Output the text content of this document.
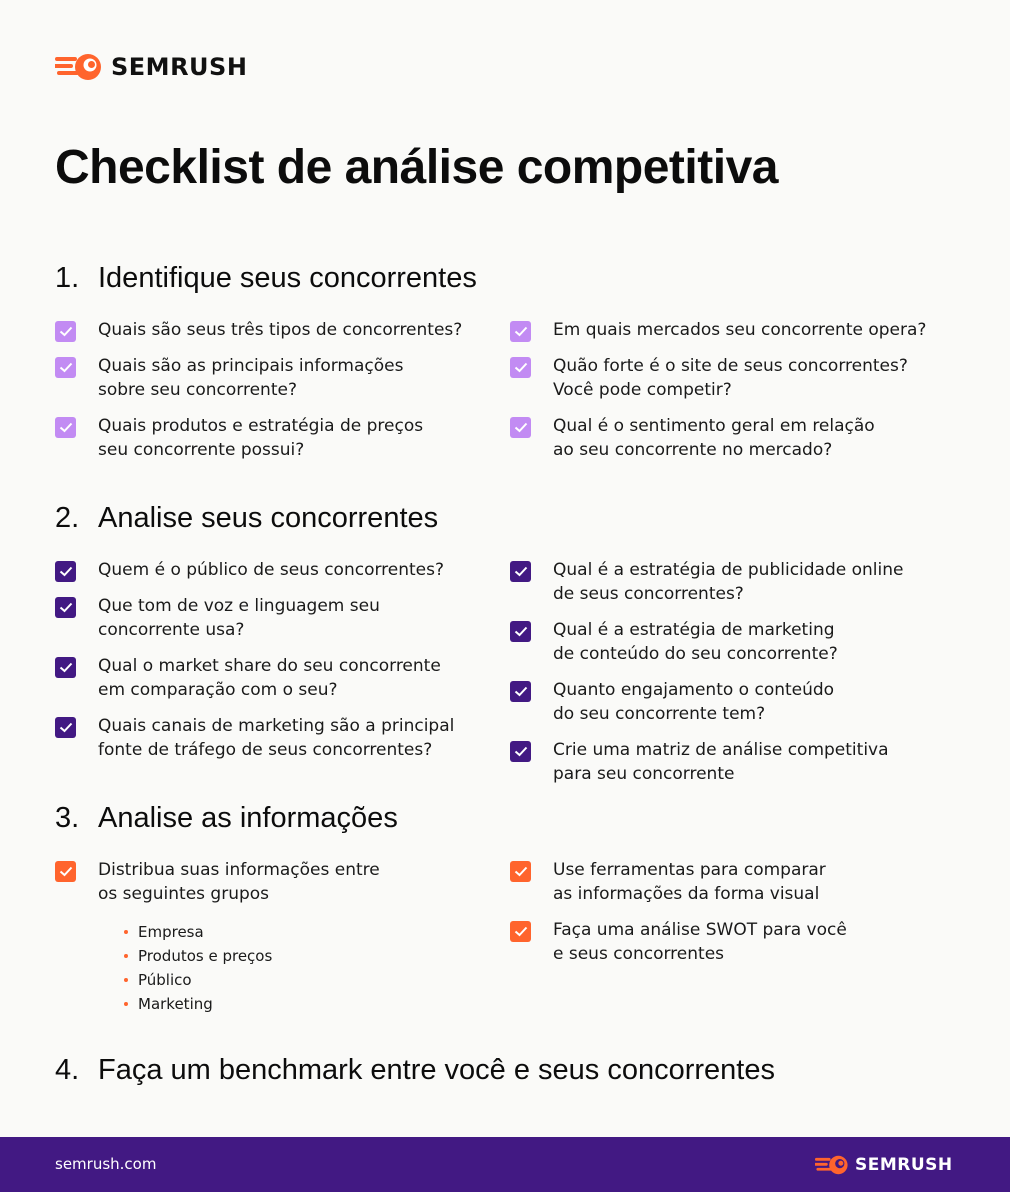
SEMRUSH
Checklist de análise competitiva
1. Identifique seus concorrentes
Quais são seus três tipos de concorrentes?
Quais são as principais informações
sobre seu concorrente?
Quais produtos e estratégia de preços
seu concorrente possui?
Em quais mercados seu concorrente opera?
Quão forte é o site de seus concorrentes?
Você pode competir?
Qual é o sentimento geral em relação
ao seu concorrente no mercado?
2. Analise seus concorrentes
Quem é o público de seus concorrentes?
Que tom de voz e linguagem seu
concorrente usa?
Qual o market share do seu concorrente
em comparação com o seu?
Quais canais de marketing são a principal
fonte de tráfego de seus concorrentes?
Qual é a estratégia de publicidade online
de seus concorrentes?
Qual é a estratégia de marketing
de conteúdo do seu concorrente?
Quanto engajamento o conteúdo
do seu concorrente tem?
Crie uma matriz de análise competitiva
para seu concorrente
3. Analise as informações
Distribua suas informações entre
os seguintes grupos
Empresa
Produtos e preços
Público
Marketing
Use ferramentas para comparar
as informações da forma visual
Faça uma análise SWOT para você
e seus concorrentes
4. Faça um benchmark entre você e seus concorrentes
semrush.com	SEMRUSH
